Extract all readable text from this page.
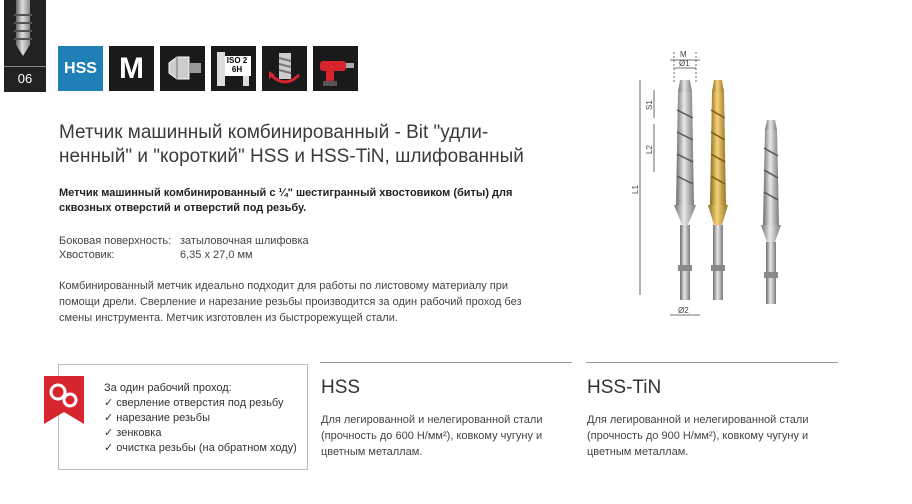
06
HSS M	ISO 2
6H
Метчик машинный комбинированный - Bit "удли-
ненный" и "короткий" HSS и HSS-TiN, шлифованный
Метчик машинный комбинированный с ¼" шестигранный хвостовиком (биты) для
сквозных отверстий и отверстий под резьбу.
Боковая поверхность: затыловочная шлифовка
Хвостовик:	6,35 x 27,0 мм
Комбинированный метчик идеально подходит для работы по листовому материалу при
помощи дрели. Сверление и нарезание резьбы производится за один рабочий проход без
смены инструмента. Метчик изготовлен из быстрорежущей стали.
M
Ø1
Ø2
S1
L2
L1
За один рабочий проход:
✓ сверление отверстия под резьбу
✓ нарезание резьбы
✓ зенковка
✓ очистка резьбы (на обратном ходу)
HSS
Для легированной и нелегированной стали
(прочность до 600 Н/мм²), ковкому чугуну и
цветным металлам.
HSS-TiN
Для легированной и нелегированной стали
(прочность до 900 Н/мм²), ковкому чугуну и
цветным металлам.
